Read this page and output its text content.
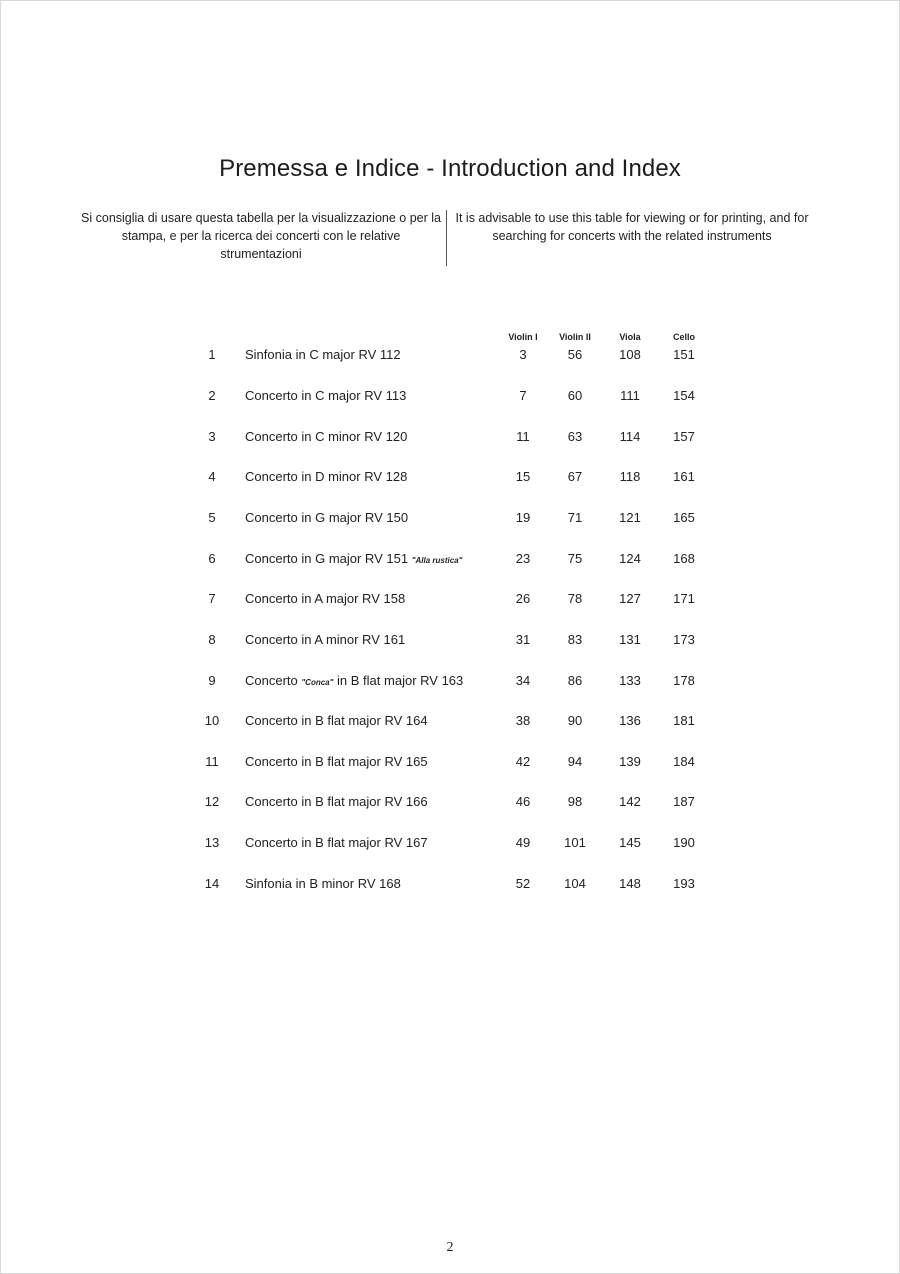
Premessa e Indice - Introduction and Index
Si consiglia di usare questa tabella per la visualizzazione o per la stampa, e per la ricerca dei concerti con le relative strumentazioni
It is advisable to use this table for viewing or for printing, and for searching for concerts with the related instruments
Violin I	Violin II	Viola	Cello
1	Sinfonia in C major RV 112	3	56	108	151
2	Concerto in C major RV 113	7	60	111	154
3	Concerto in C minor RV 120	11	63	114	157
4	Concerto in D minor RV 128	15	67	118	161
5	Concerto in G major RV 150	19	71	121	165
6	Concerto in G major RV 151 "Alla rustica"	23	75	124	168
7	Concerto in A major RV 158	26	78	127	171
8	Concerto in A minor RV 161	31	83	131	173
9	Concerto "Conca" in B flat major RV 163	34	86	133	178
10	Concerto in B flat major RV 164	38	90	136	181
11	Concerto in B flat major RV 165	42	94	139	184
12	Concerto in B flat major RV 166	46	98	142	187
13	Concerto in B flat major RV 167	49	101	145	190
14	Sinfonia in B minor RV 168	52	104	148	193
2
